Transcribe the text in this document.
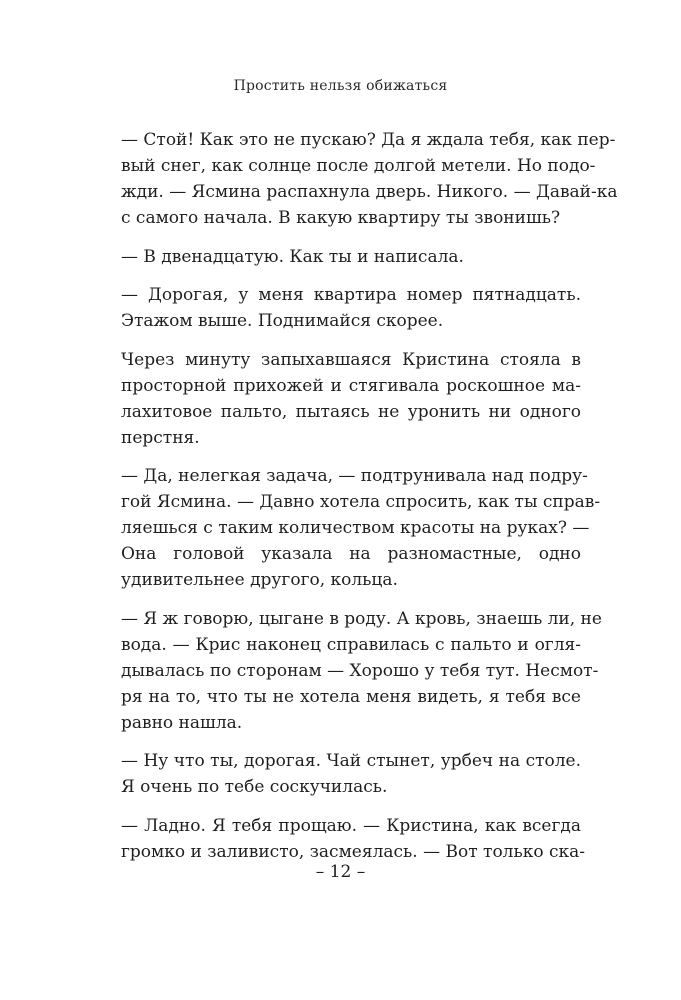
Простить нельзя обижаться
— Стой! Как это не пускаю? Да я ждала тебя, как пер-
вый снег, как солнце после долгой метели. Но подо-
жди. — Ясмина распахнула дверь. Никого. — Давай-ка
с самого начала. В какую квартиру ты звонишь?
— В двенадцатую. Как ты и написала.
— Дорогая, у меня квартира номер пятнадцать.
Этажом выше. Поднимайся скорее.
Через минуту запыхавшаяся Кристина стояла в
просторной прихожей и стягивала роскошное ма-
лахитовое пальто, пытаясь не уронить ни одного
перстня.
— Да, нелегкая задача, — подтрунивала над подру-
гой Ясмина. — Давно хотела спросить, как ты справ-
ляешься с таким количеством красоты на руках? —
Она головой указала на разномастные, одно
удивительнее другого, кольца.
— Я ж говорю, цыгане в роду. А кровь, знаешь ли, не
вода. — Крис наконец справилась с пальто и огля-
дывалась по сторонам — Хорошо у тебя тут. Несмот-
ря на то, что ты не хотела меня видеть, я тебя все
равно нашла.
— Ну что ты, дорогая. Чай стынет, урбеч на столе.
Я очень по тебе соскучилась.
— Ладно. Я тебя прощаю. — Кристина, как всегда
громко и заливисто, засмеялась. — Вот только ска-
– 12 –
